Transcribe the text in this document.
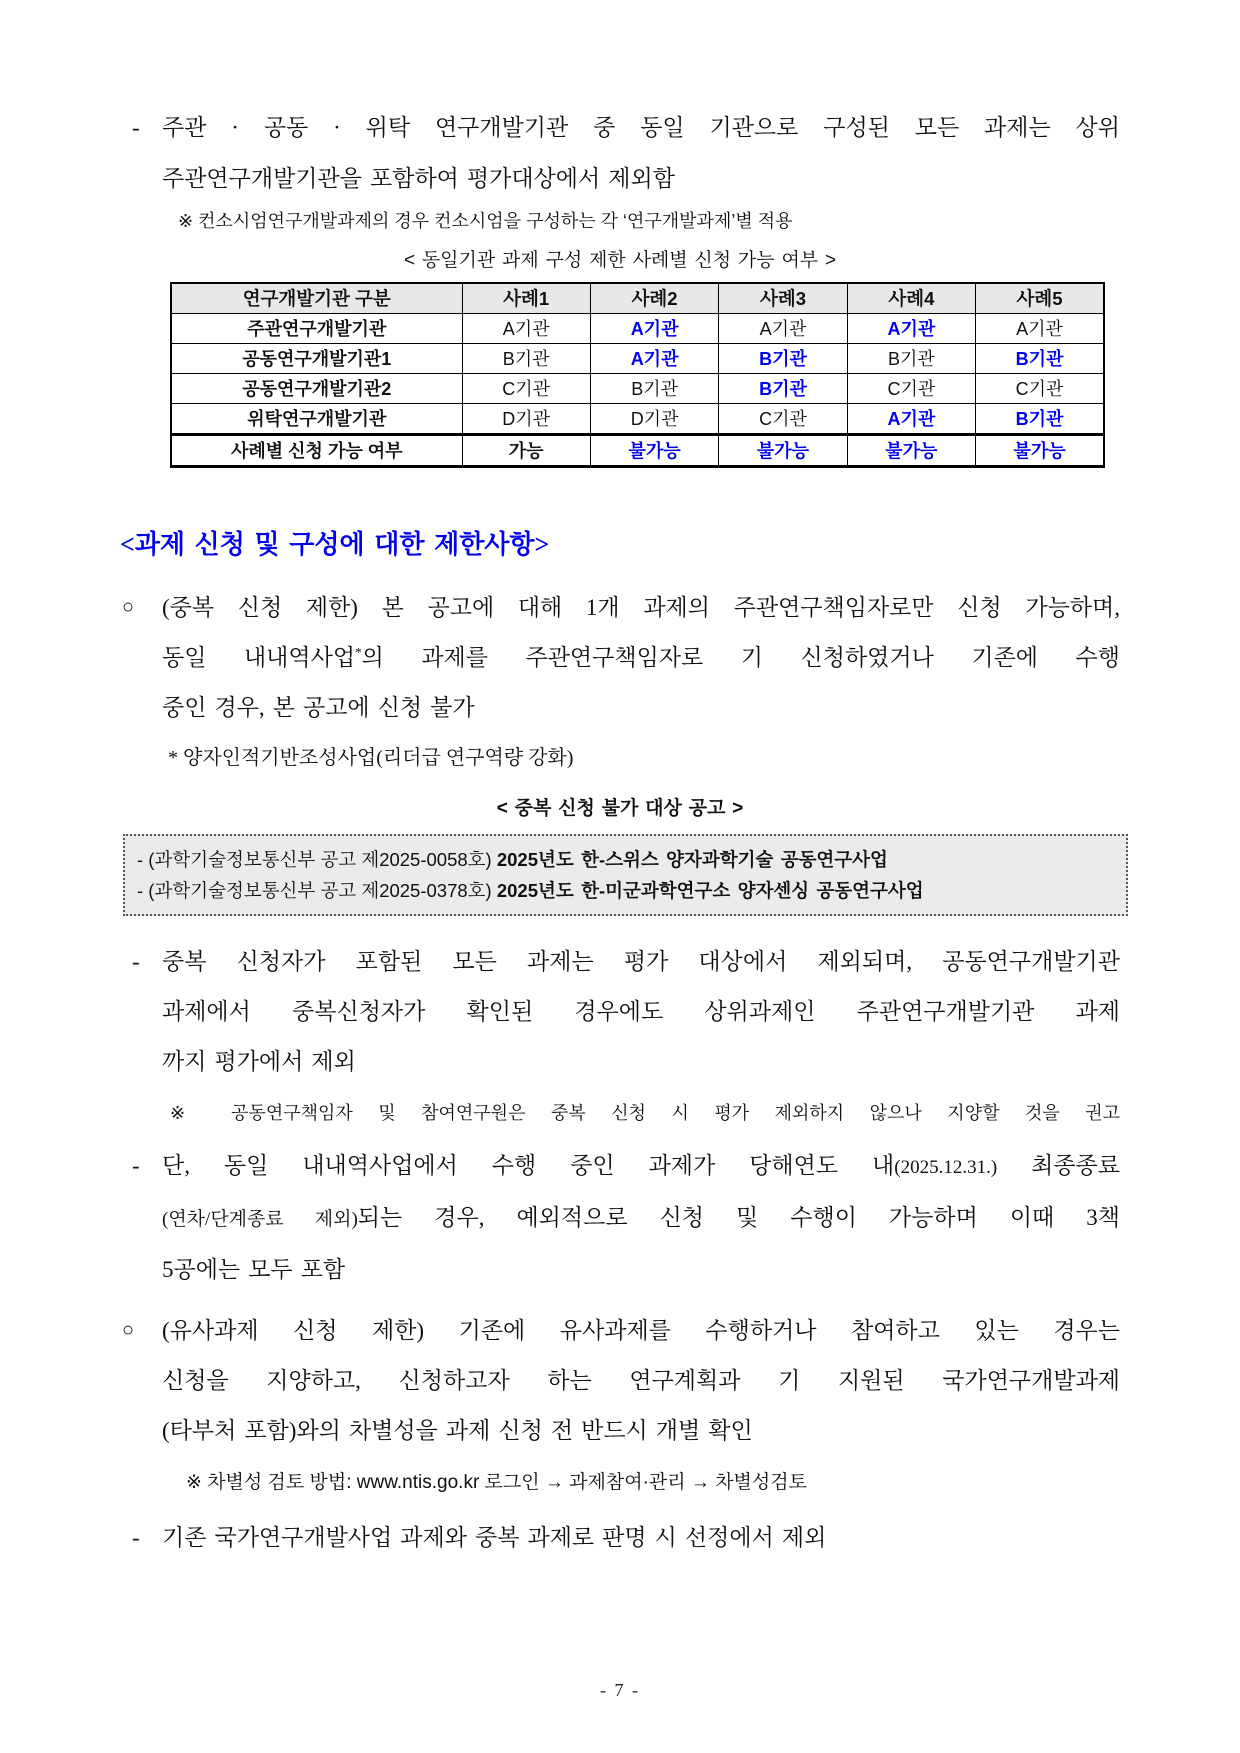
- 주관 · 공동 · 위탁 연구개발기관 중 동일 기관으로 구성된 모든 과제는 상위
주관연구개발기관을 포함하여 평가대상에서 제외함
※ 컨소시엄연구개발과제의 경우 컨소시엄을 구성하는 각 ‘연구개발과제’별 적용
< 동일기관 과제 구성 제한 사례별 신청 가능 여부 >
연구개발기관 구분	사례1	사례2	사례3	사례4	사례5
주관연구개발기관	A기관	A기관	A기관	A기관	A기관
공동연구개발기관1	B기관	A기관	B기관	B기관	B기관
공동연구개발기관2	C기관	B기관	B기관	C기관	C기관
위탁연구개발기관	D기관	D기관	C기관	A기관	B기관
사례별 신청 가능 여부	가능	불가능	불가능	불가능	불가능
<과제 신청 및 구성에 대한 제한사항>
○ (중복 신청 제한) 본 공고에 대해 1개 과제의 주관연구책임자로만 신청 가능하며,
동일 내내역사업*의 과제를 주관연구책임자로 기 신청하였거나 기존에 수행
중인 경우, 본 공고에 신청 불가
* 양자인적기반조성사업(리더급 연구역량 강화)
< 중복 신청 불가 대상 공고 >
- (과학기술정보통신부 공고 제2025-0058호) 2025년도 한-스위스 양자과학기술 공동연구사업
- (과학기술정보통신부 공고 제2025-0378호) 2025년도 한-미군과학연구소 양자센싱 공동연구사업
- 중복 신청자가 포함된 모든 과제는 평가 대상에서 제외되며, 공동연구개발기관
과제에서 중복신청자가 확인된 경우에도 상위과제인 주관연구개발기관 과제
까지 평가에서 제외
※ 공동연구책임자 및 참여연구원은 중복 신청 시 평가 제외하지 않으나 지양할 것을 권고
- 단, 동일 내내역사업에서 수행 중인 과제가 당해연도 내(2025.12.31.) 최종종료
(연차/단계종료 제외)되는 경우, 예외적으로 신청 및 수행이 가능하며 이때 3책
5공에는 모두 포함
○ (유사과제 신청 제한) 기존에 유사과제를 수행하거나 참여하고 있는 경우는
신청을 지양하고, 신청하고자 하는 연구계획과 기 지원된 국가연구개발과제
(타부처 포함)와의 차별성을 과제 신청 전 반드시 개별 확인
※ 차별성 검토 방법: www.ntis.go.kr 로그인 → 과제참여·관리 → 차별성검토
- 기존 국가연구개발사업 과제와 중복 과제로 판명 시 선정에서 제외
- 7 -
